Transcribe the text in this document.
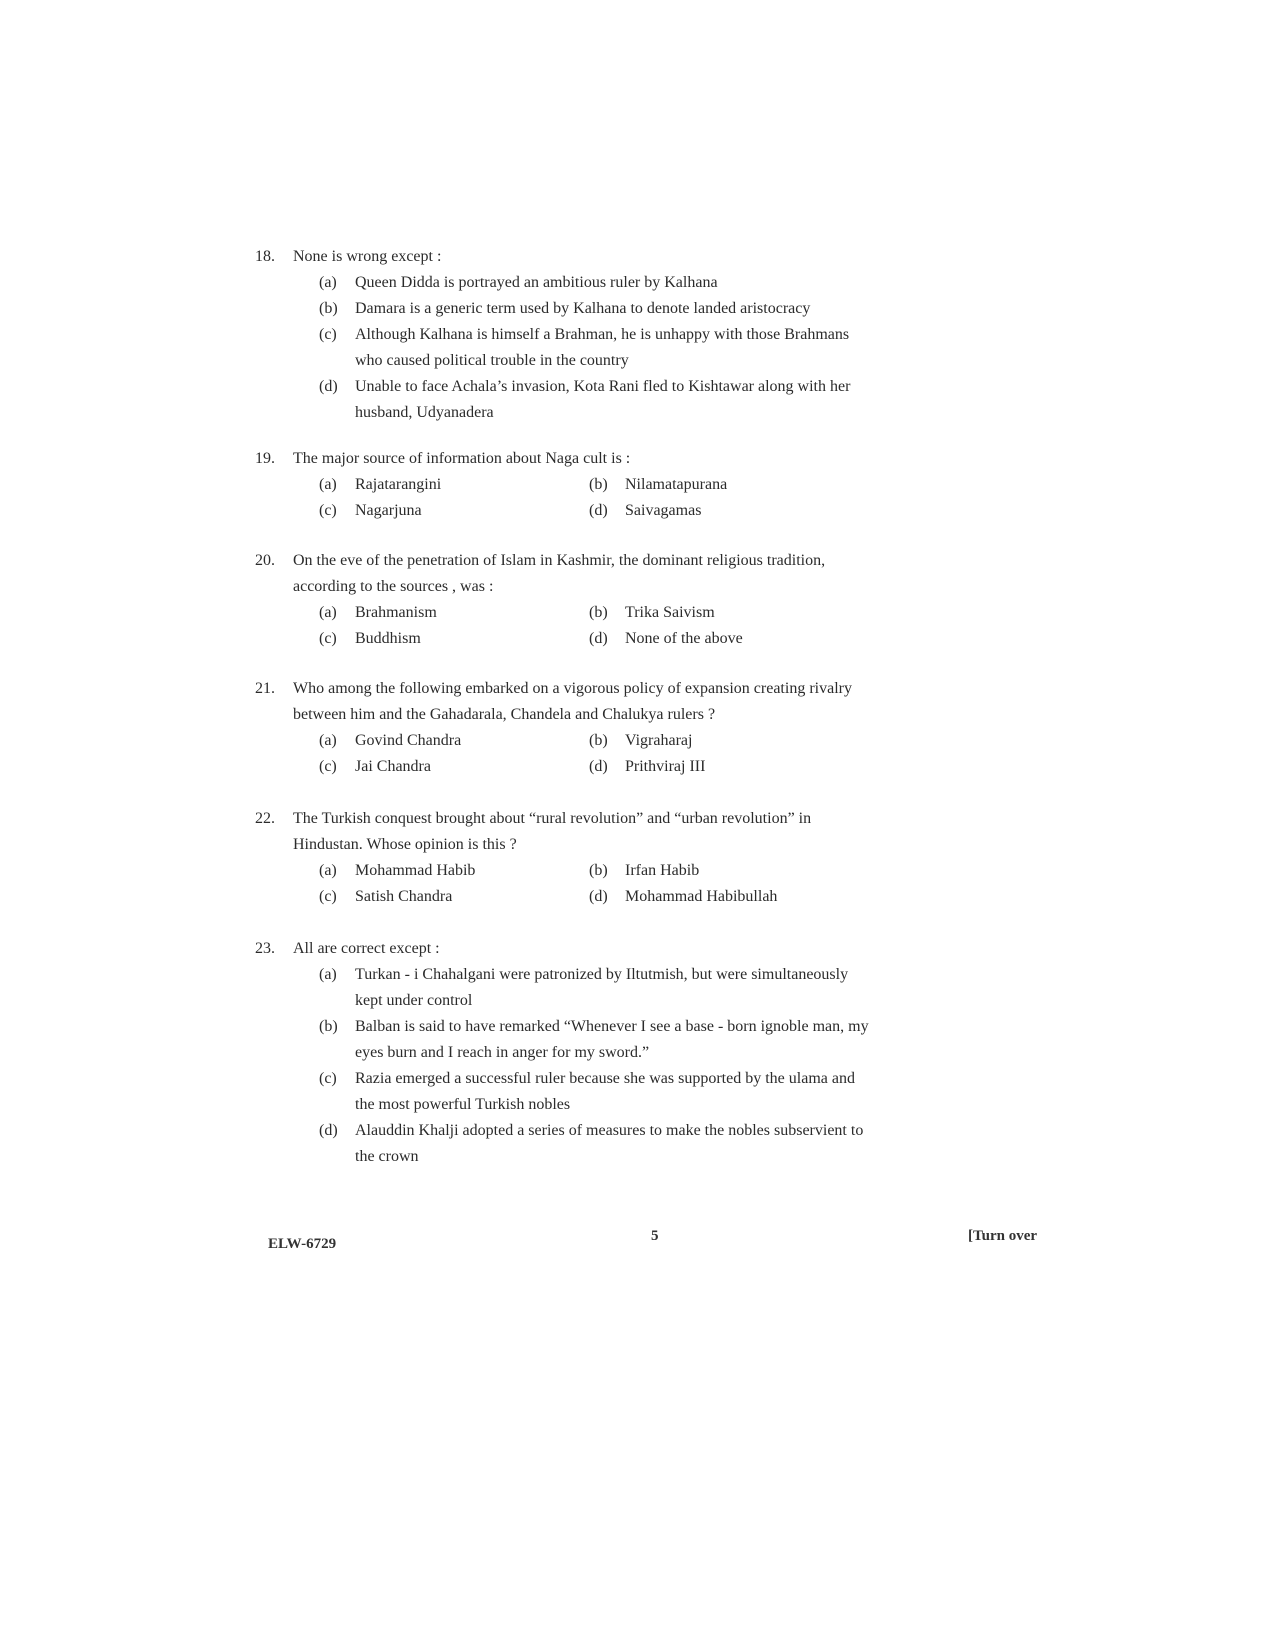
18.	None is wrong except :
(a)	Queen Didda is portrayed an ambitious ruler by Kalhana
(b)	Damara is a generic term used by Kalhana to denote landed aristocracy
(c)	Although Kalhana is himself a Brahman, he is unhappy with those Brahmans who caused political trouble in the country
(d)	Unable to face Achala’s invasion, Kota Rani fled to Kishtawar along with her husband, Udyanadera
19.	The major source of information about Naga cult is :
(a)	Rajatarangini	(b)	Nilamatapurana
(c)	Nagarjuna	(d)	Saivagamas
20.	On the eve of the penetration of Islam in Kashmir, the dominant religious tradition, according to the sources , was :
(a)	Brahmanism	(b)	Trika Saivism
(c)	Buddhism	(d)	None of the above
21.	Who among the following embarked on a vigorous policy of expansion creating rivalry between him and the Gahadarala, Chandela and Chalukya rulers ?
(a)	Govind Chandra	(b)	Vigraharaj
(c)	Jai Chandra	(d)	Prithviraj III
22.	The Turkish conquest brought about “rural revolution” and “urban revolution” in Hindustan. Whose opinion is this ?
(a)	Mohammad Habib	(b)	Irfan Habib
(c)	Satish Chandra	(d)	Mohammad Habibullah
23.	All are correct except :
(a)	Turkan - i Chahalgani were patronized by Iltutmish, but were simultaneously kept under control
(b)	Balban is said to have remarked “Whenever I see a base - born ignoble man, my eyes burn and I reach in anger for my sword.”
(c)	Razia emerged a successful ruler because she was supported by the ulama and the most powerful Turkish nobles
(d)	Alauddin Khalji adopted a series of measures to make the nobles subservient to the crown
ELW-6729	5	[Turn over
